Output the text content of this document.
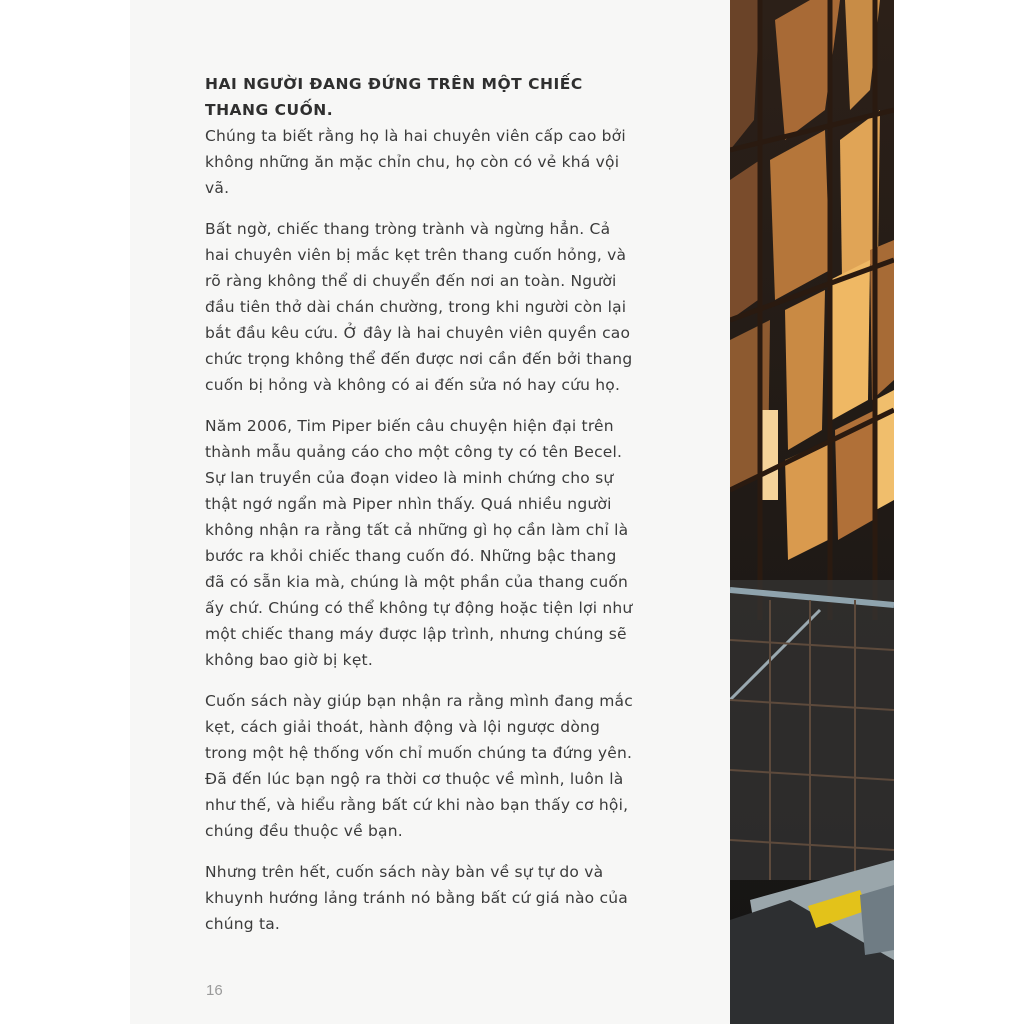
HAI NGƯỜI ĐANG ĐỨNG TRÊN MỘT CHIẾC THANG CUỐN.

Chúng ta biết rằng họ là hai chuyên viên cấp cao bởi không những ăn mặc chỉn chu, họ còn có vẻ khá vội vã.

Bất ngờ, chiếc thang tròng trành và ngừng hẳn. Cả hai chuyên viên bị mắc kẹt trên thang cuốn hỏng, và rõ ràng không thể di chuyển đến nơi an toàn. Người đầu tiên thở dài chán chường, trong khi người còn lại bắt đầu kêu cứu. Ở đây là hai chuyên viên quyền cao chức trọng không thể đến được nơi cần đến bởi thang cuốn bị hỏng và không có ai đến sửa nó hay cứu họ.

Năm 2006, Tim Piper biến câu chuyện hiện đại trên thành mẫu quảng cáo cho một công ty có tên Becel. Sự lan truyền của đoạn video là minh chứng cho sự thật ngớ ngẩn mà Piper nhìn thấy. Quá nhiều người không nhận ra rằng tất cả những gì họ cần làm chỉ là bước ra khỏi chiếc thang cuốn đó. Những bậc thang đã có sẵn kia mà, chúng là một phần của thang cuốn ấy chứ. Chúng có thể không tự động hoặc tiện lợi như một chiếc thang máy được lập trình, nhưng chúng sẽ không bao giờ bị kẹt.

Cuốn sách này giúp bạn nhận ra rằng mình đang mắc kẹt, cách giải thoát, hành động và lội ngược dòng trong một hệ thống vốn chỉ muốn chúng ta đứng yên. Đã đến lúc bạn ngộ ra thời cơ thuộc về mình, luôn là như thế, và hiểu rằng bất cứ khi nào bạn thấy cơ hội, chúng đều thuộc về bạn.

Nhưng trên hết, cuốn sách này bàn về sự tự do và khuynh hướng lảng tránh nó bằng bất cứ giá nào của chúng ta.

16
